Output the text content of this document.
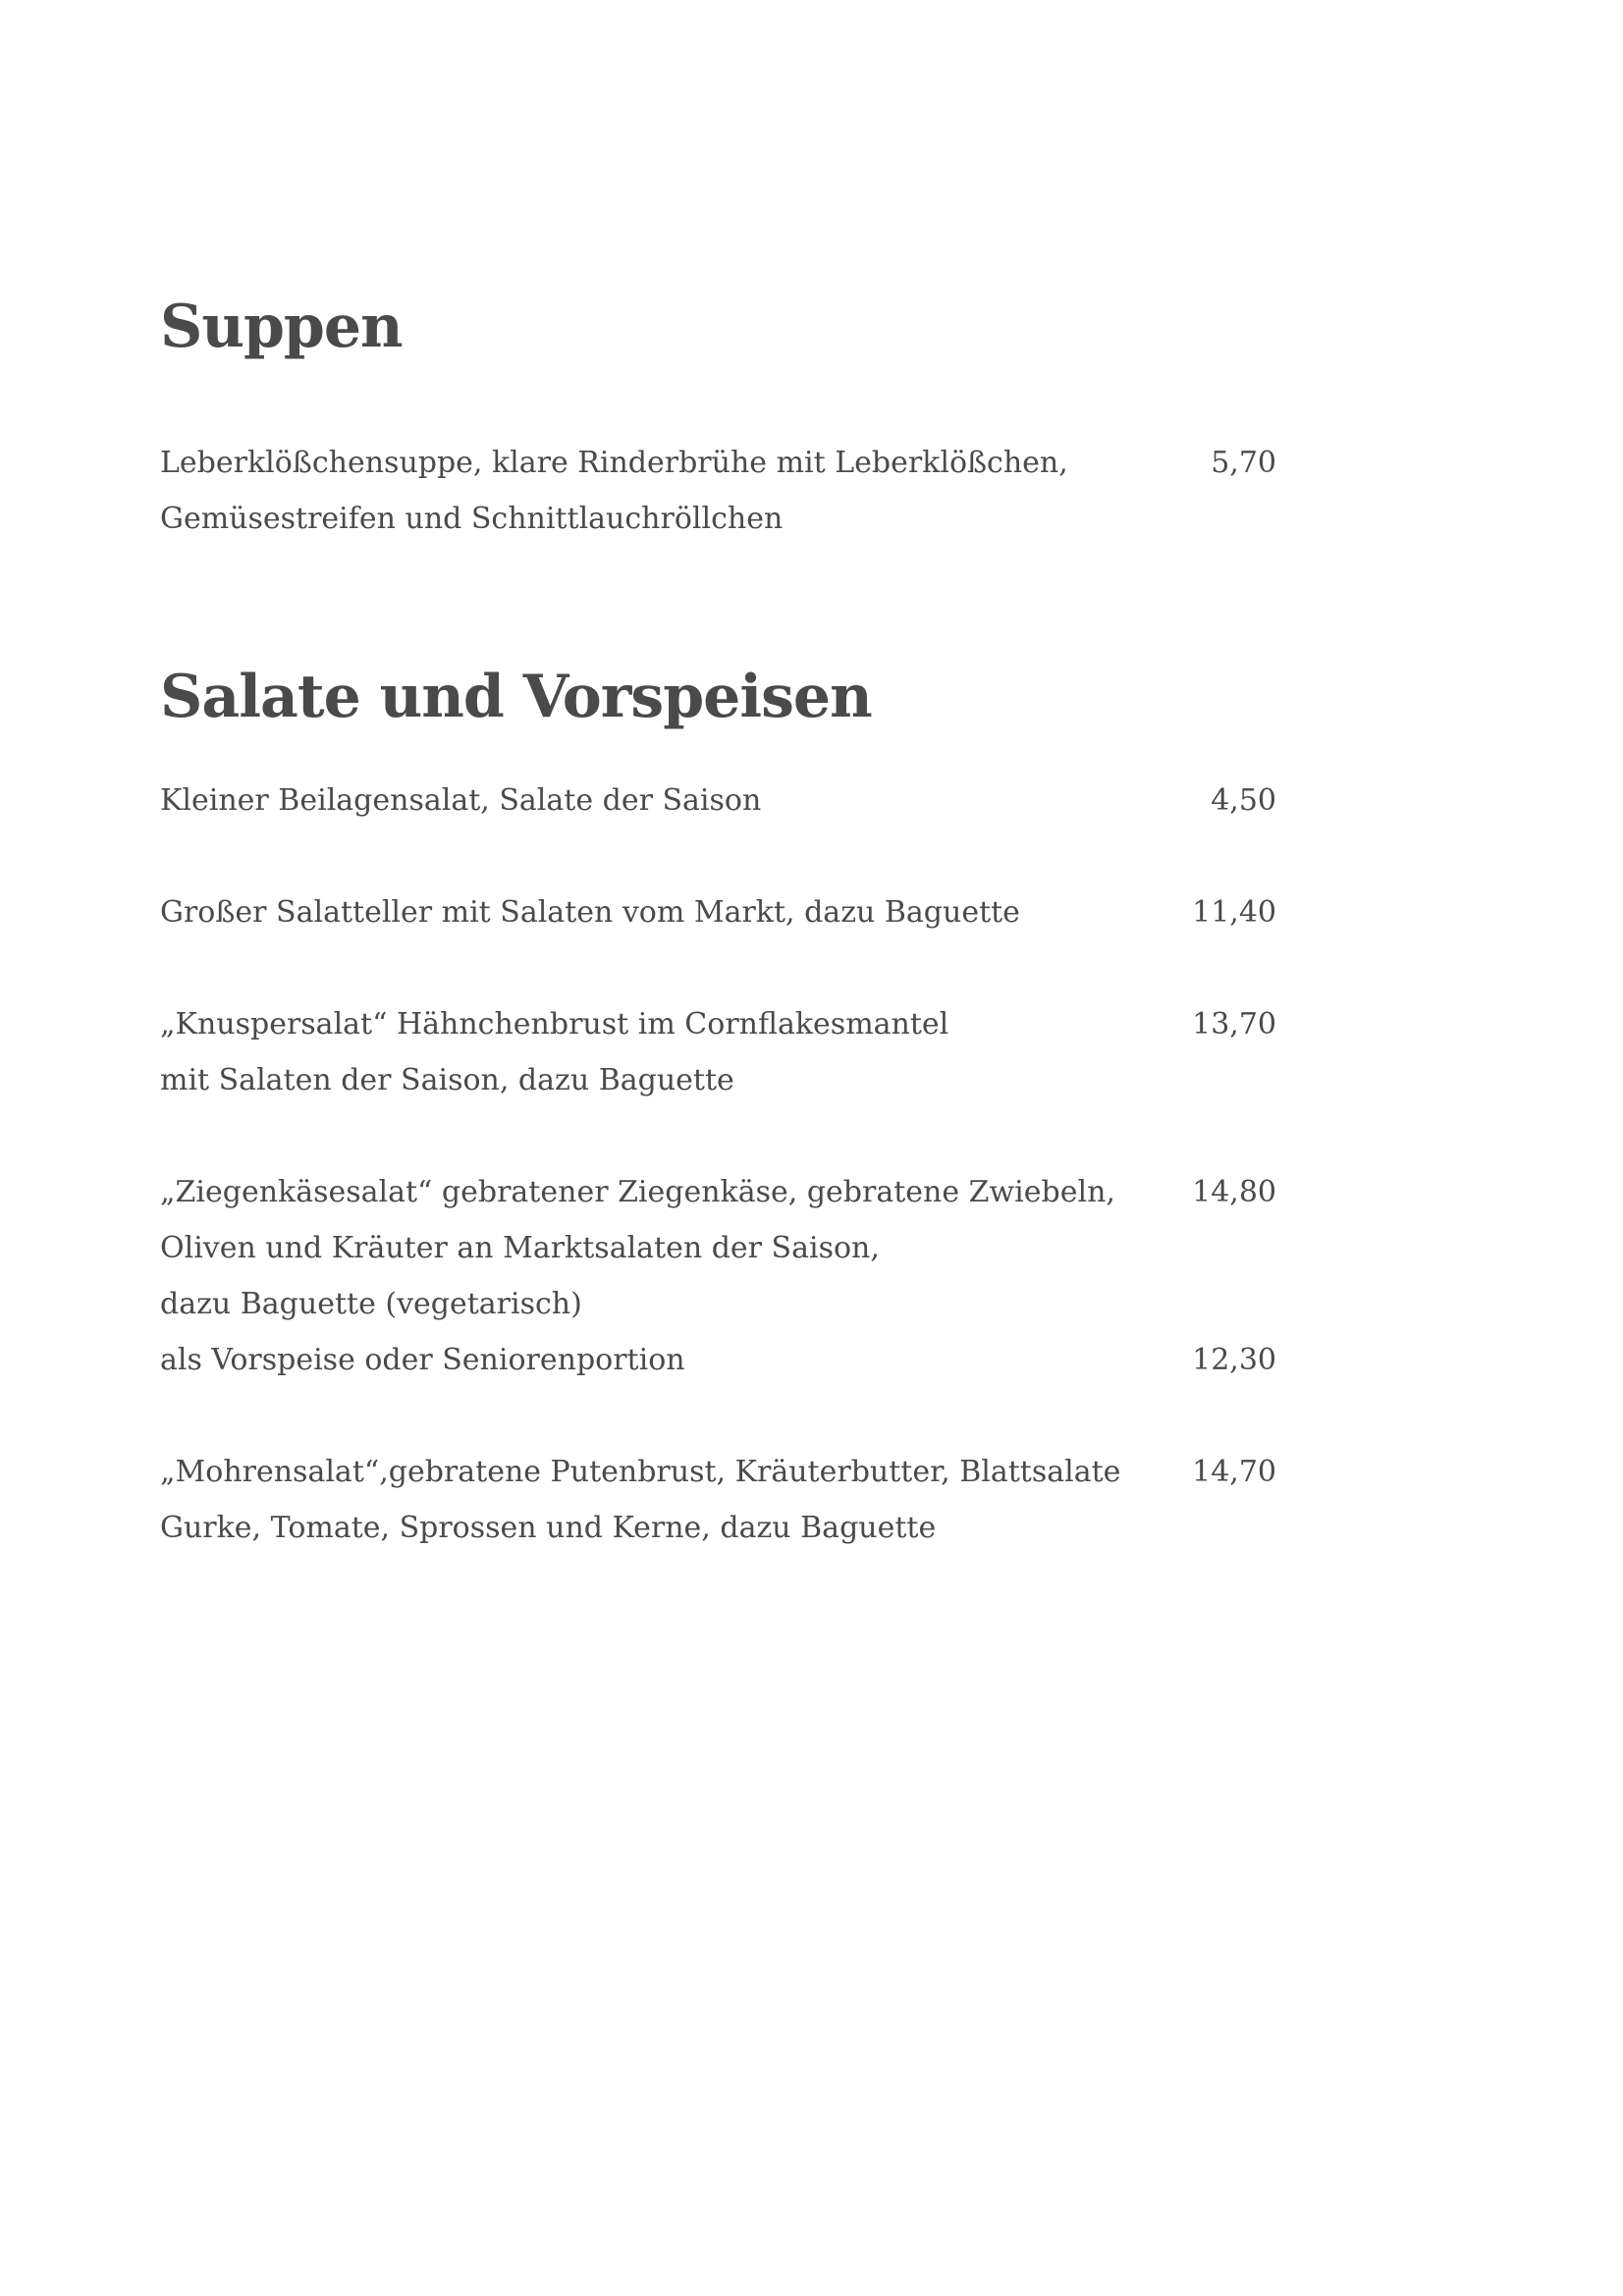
Suppen
Leberklößchensuppe, klare Rinderbrühe mit Leberklößchen,	5,70
Gemüsestreifen und Schnittlauchröllchen
Salate und Vorspeisen
Kleiner Beilagensalat, Salate der Saison	4,50
Großer Salatteller mit Salaten vom Markt, dazu Baguette	11,40
„Knuspersalat“ Hähnchenbrust im Cornflakesmantel	13,70
mit Salaten der Saison, dazu Baguette
„Ziegenkäsesalat“ gebratener Ziegenkäse, gebratene Zwiebeln,	14,80
Oliven und Kräuter an Marktsalaten der Saison,
dazu Baguette (vegetarisch)
als Vorspeise oder Seniorenportion	12,30
„Mohrensalat“,gebratene Putenbrust, Kräuterbutter, Blattsalate 14,70
Gurke, Tomate, Sprossen und Kerne, dazu Baguette
